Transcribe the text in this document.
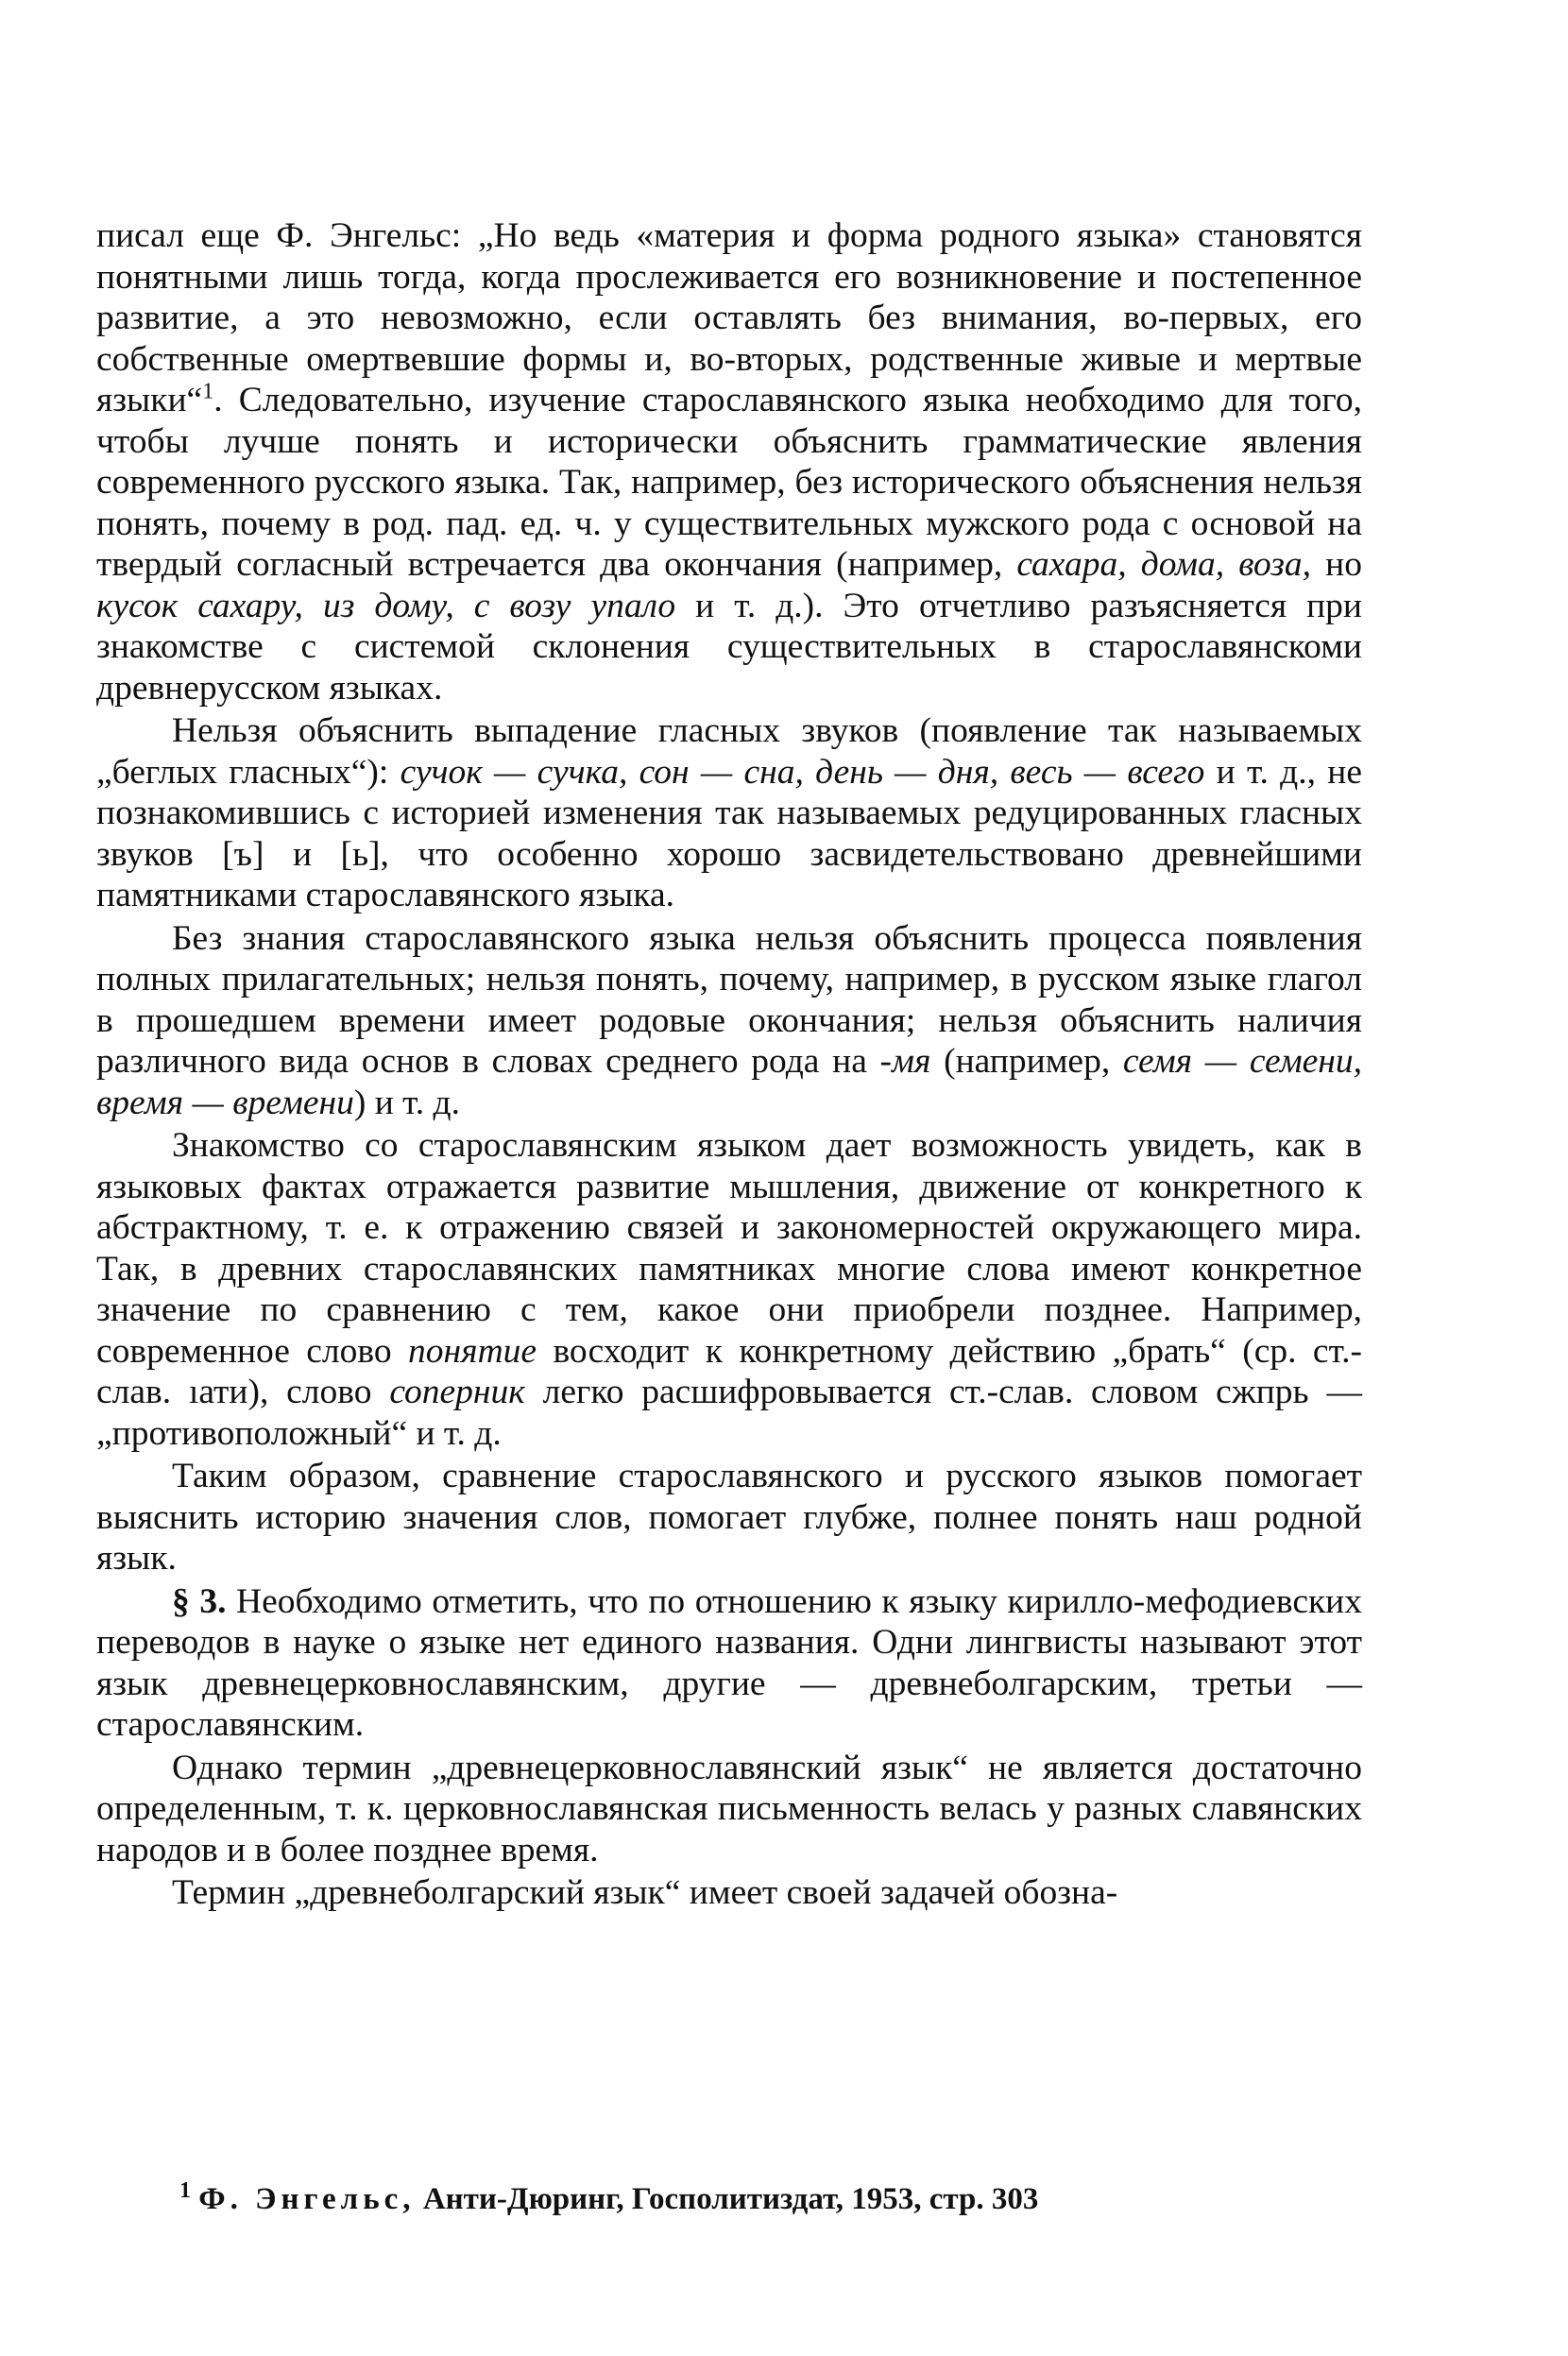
писал еще Ф. Энгельс: „Но ведь «материя и форма родного языка» становятся понятными лишь тогда, когда прослеживается его возникновение и постепенное развитие, а это невозможно, если оставлять без внимания, во-первых, его собственные омертвевшие формы и, во-вторых, родственные живые и мертвые языки“$^1$. Следовательно, изучение старославянского языка необходимо для того, чтобы лучше понять и исторически объяснить грамматические явления современного русского языка. Так, например, без исторического объяснения нельзя понять, почему в род. пад. ед. ч. у существительных мужского рода с основой на твердый согласный встречается два окончания (например, сахара, дома, воза, но кусок сахару, из дому, с возу упало и т. д.). Это отчетливо разъясняется при знакомстве с системой склонения существительных в старославянскоми древнерусском языках.

Нельзя объяснить выпадение гласных звуков (появление так называемых „беглых гласных“): сучок — сучка, сон — сна, день — дня, весь — всего и т. д., не познакомившись с историей изменения так называемых редуцированных гласных звуков [ъ] и [ь], что особенно хорошо засвидетельствовано древнейшими памятниками старославянского языка.

Без знания старославянского языка нельзя объяснить процесса появления полных прилагательных; нельзя понять, почему, например, в русском языке глагол в прошедшем времени имеет родовые окончания; нельзя объяснить наличия различного вида основ в словах среднего рода на -мя (например, семя — семени, время — времени) и т. д.

Знакомство со старославянским языком дает возможность увидеть, как в языковых фактах отражается развитие мышления, движение от конкретного к абстрактному, т. е. к отражению связей и закономерностей окружающего мира. Так, в древних старославянских памятниках многие слова имеют конкретное значение по сравнению с тем, какое они приобрели позднее. Например, современное слово понятие восходит к конкретному действию „брать“ (ср. ст.-слав. ıати), слово соперник легко расшифровывается ст.-слав. словом сжпрь — „противоположный“ и т. д.

Таким образом, сравнение старославянского и русского языков помогает выяснить историю значения слов, помогает глубже, полнее понять наш родной язык.

§ 3. Необходимо отметить, что по отношению к языку кирилло-мефодиевских переводов в науке о языке нет единого названия. Одни лингвисты называют этот язык древнецерковнославянским, другие — древнеболгарским, третьи — старославянским.

Однако термин „древнецерковнославянский язык“ не является достаточно определенным, т. к. церковнославянская письменность велась у разных славянских народов и в более позднее время.

Термин „древнеболгарский язык“ имеет своей задачей обозна-

$^1$ Ф. Энгельс, Анти-Дюринг, Госполитиздат, 1953, стр. 303
